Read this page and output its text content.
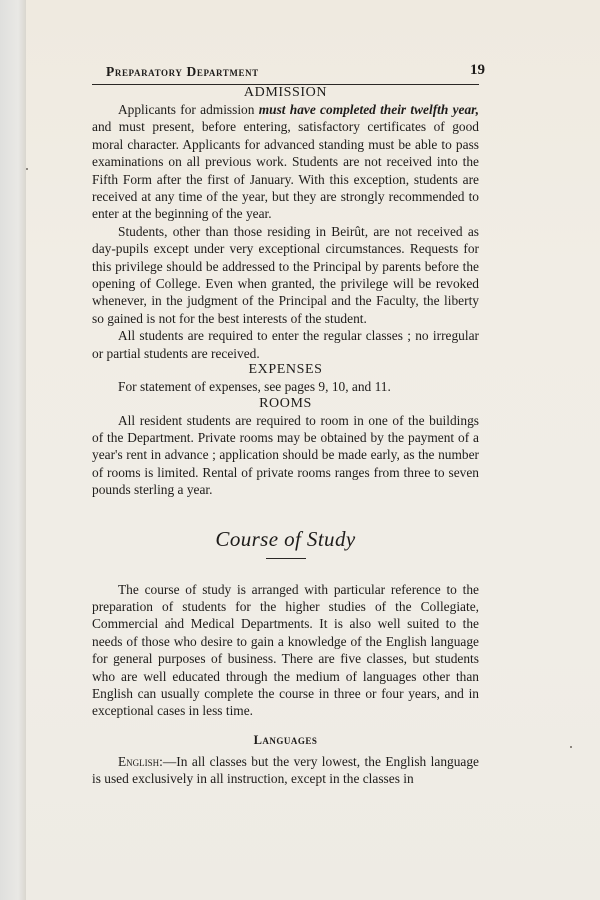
Preparatory Department	19
ADMISSION

Applicants for admission must have completed their twelfth year, and must present, before entering, satisfactory certificates of good moral character. Applicants for advanced standing must be able to pass examinations on all previous work. Students are not received into the Fifth Form after the first of January. With this exception, students are received at any time of the year, but they are strongly recommended to enter at the beginning of the year.

Students, other than those residing in Beirût, are not received as day-pupils except under very exceptional circumstances. Requests for this privilege should be addressed to the Principal by parents before the opening of College. Even when granted, the privilege will be revoked whenever, in the judgment of the Principal and the Faculty, the liberty so gained is not for the best interests of the student.

All students are required to enter the regular classes ; no irregular or partial students are received.

EXPENSES

For statement of expenses, see pages 9, 10, and 11.

ROOMS

All resident students are required to room in one of the buildings of the Department. Private rooms may be obtained by the payment of a year's rent in advance ; application should be made early, as the number of rooms is limited. Rental of private rooms ranges from three to seven pounds sterling a year.

Course of Study

The course of study is arranged with particular reference to the preparation of students for the higher studies of the Collegiate, Commercial and Medical Departments. It is also well suited to the needs of those who desire to gain a knowledge of the English language for general purposes of business. There are five classes, but students who are well educated through the medium of languages other than English can usually complete the course in three or four years, and in exceptional cases in less time.

Languages

English:—In all classes but the very lowest, the English language is used exclusively in all instruction, except in the classes in
